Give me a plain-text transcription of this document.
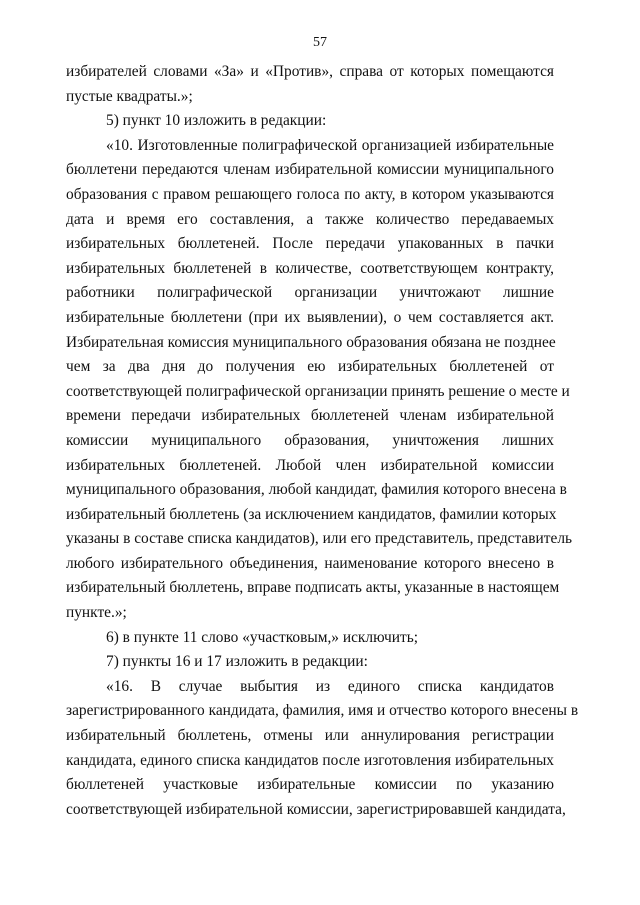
57
избирателей словами «За» и «Против», справа от которых помещаются
пустые квадраты.»;
5) пункт 10 изложить в редакции:
«10. Изготовленные полиграфической организацией избирательные
бюллетени передаются членам избирательной комиссии муниципального
образования с правом решающего голоса по акту, в котором указываются
дата и время его составления, а также количество передаваемых
избирательных бюллетеней. После передачи упакованных в пачки
избирательных бюллетеней в количестве, соответствующем контракту,
работники полиграфической организации уничтожают лишние
избирательные бюллетени (при их выявлении), о чем составляется акт.
Избирательная комиссия муниципального образования обязана не позднее
чем за два дня до получения ею избирательных бюллетеней от
соответствующей полиграфической организации принять решение о месте и
времени передачи избирательных бюллетеней членам избирательной
комиссии муниципального образования, уничтожения лишних
избирательных бюллетеней. Любой член избирательной комиссии
муниципального образования, любой кандидат, фамилия которого внесена в
избирательный бюллетень (за исключением кандидатов, фамилии которых
указаны в составе списка кандидатов), или его представитель, представитель
любого избирательного объединения, наименование которого внесено в
избирательный бюллетень, вправе подписать акты, указанные в настоящем
пункте.»;
6) в пункте 11 слово «участковым,» исключить;
7) пункты 16 и 17 изложить в редакции:
«16. В случае выбытия из единого списка кандидатов
зарегистрированного кандидата, фамилия, имя и отчество которого внесены в
избирательный бюллетень, отмены или аннулирования регистрации
кандидата, единого списка кандидатов после изготовления избирательных
бюллетеней участковые избирательные комиссии по указанию
соответствующей избирательной комиссии, зарегистрировавшей кандидата,
